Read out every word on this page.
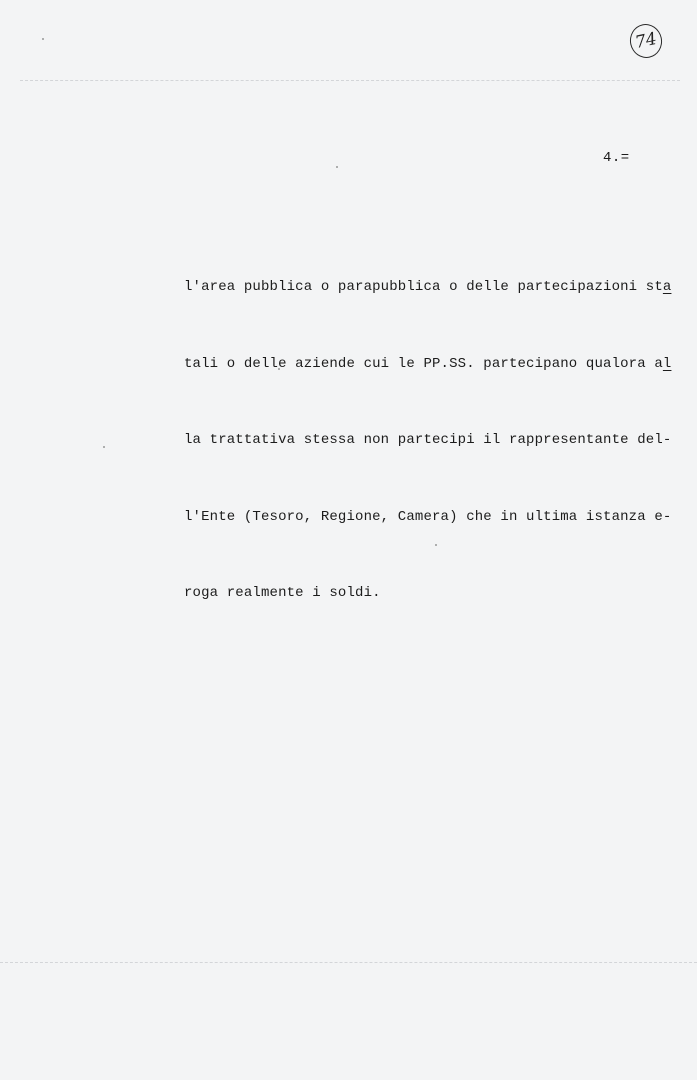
74
4.=

l'area pubblica o parapubblica o delle partecipazioni sta

tali o delle aziende cui le PP.SS. partecipano qualora al

la trattativa stessa non partecipi il rappresentante del-

l'Ente (Tesoro, Regione, Camera) che in ultima istanza e-

roga realmente i soldi.
